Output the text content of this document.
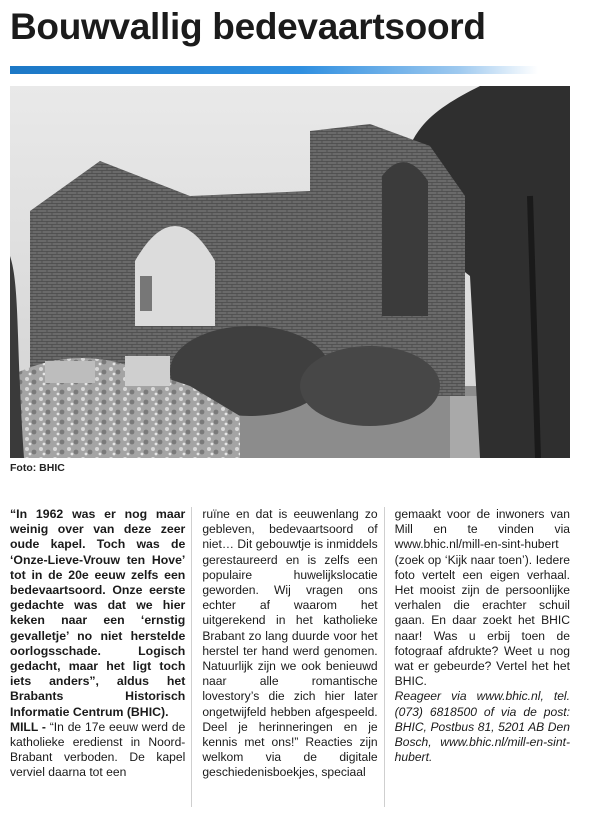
Bouwvallig bedevaartsoord
Foto: BHIC

“In 1962 was er nog maar weinig over van deze zeer oude kapel. Toch was de ‘Onze-Lieve-Vrouw ten Hove’ tot in de 20e eeuw zelfs een bedevaartsoord. Onze eerste gedachte was dat we hier keken naar een ‘ernstig gevalletje’ no niet herstelde oorlogsschade. Logisch gedacht, maar het ligt toch iets anders”, aldus het Brabants Historisch Informatie Centrum (BHIC).

MILL - “In de 17e eeuw werd de katholieke eredienst in Noord-Brabant verboden. De kapel verviel daarna tot een

ruïne en dat is eeuwenlang zo gebleven, bedevaartsoord of niet… Dit gebouwtje is inmiddels gerestaureerd en is zelfs een populaire huwelijkslocatie geworden. Wij vragen ons echter af waarom het uitgerekend in het katholieke Brabant zo lang duurde voor het herstel ter hand werd genomen. Natuurlijk zijn we ook benieuwd naar alle romantische lovestory’s die zich hier later ongetwijfeld hebben afgespeeld. Deel je herinneringen en je kennis met ons!” Reacties zijn welkom via de digitale geschiedenisboekjes, speciaal

gemaakt voor de inwoners van Mill en te vinden via www.bhic.nl/mill-en-sint-hubert (zoek op ‘Kijk naar toen’). Iedere foto vertelt een eigen verhaal. Het mooist zijn de persoonlijke verhalen die erachter schuil gaan. En daar zoekt het BHIC naar! Was u erbij toen de fotograaf afdrukte? Weet u nog wat er gebeurde? Vertel het het BHIC.

Reageer via www.bhic.nl, tel. (073) 6818500 of via de post: BHIC, Postbus 81, 5201 AB Den Bosch, www.bhic.nl/mill-en-sint-hubert.
